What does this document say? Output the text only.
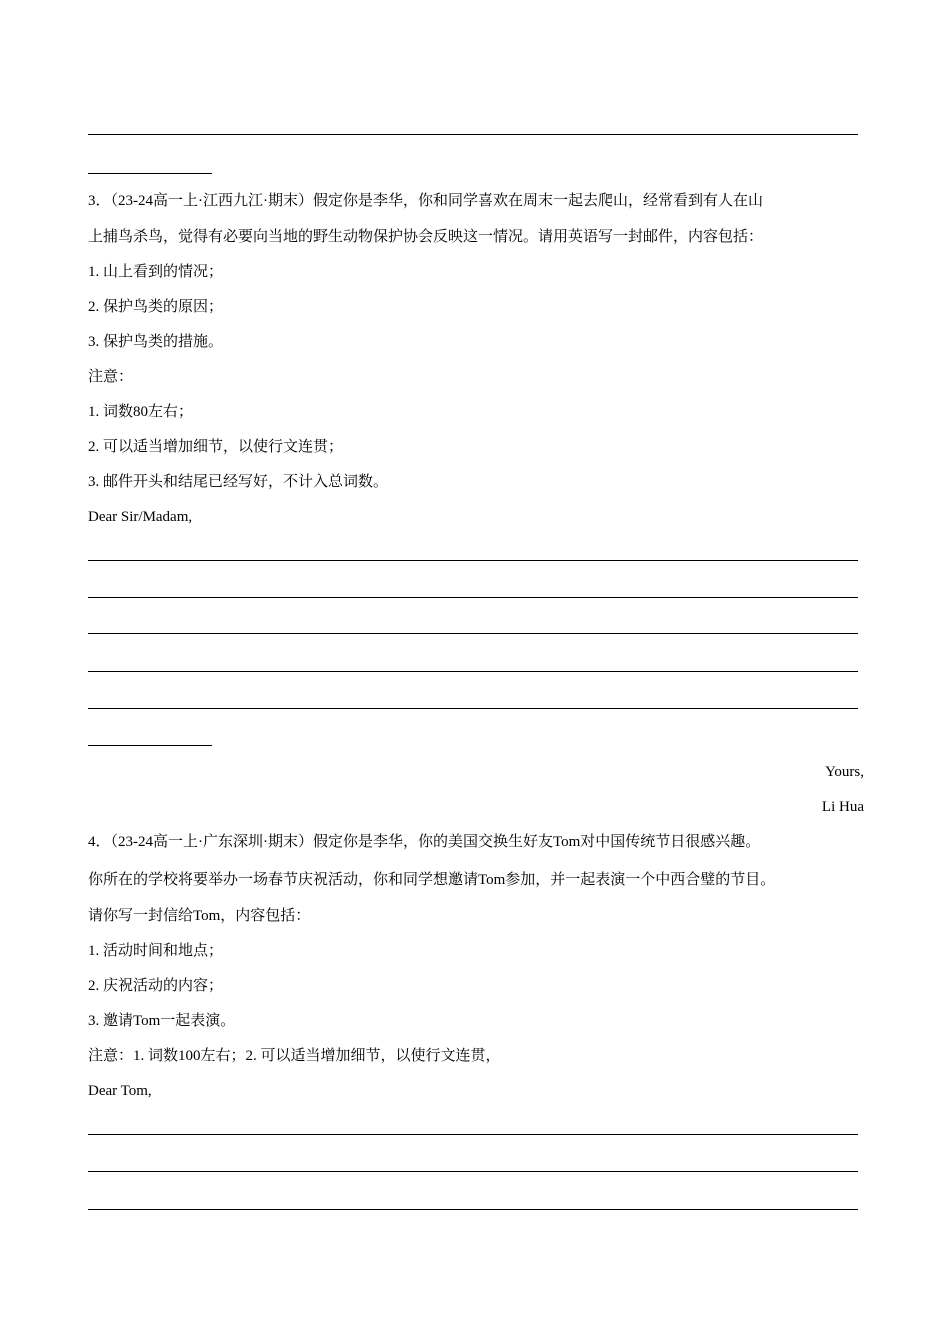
3．（23-24高一上·江西九江·期末）假定你是李华，你和同学喜欢在周末一起去爬山，经常看到有人在山
上捕鸟杀鸟，觉得有必要向当地的野生动物保护协会反映这一情况。请用英语写一封邮件，内容包括：
1. 山上看到的情况；
2. 保护鸟类的原因；
3. 保护鸟类的措施。
注意：
1. 词数80左右；
2. 可以适当增加细节，以使行文连贯；
3. 邮件开头和结尾已经写好，不计入总词数。
Dear Sir/Madam,
Yours,
Li Hua
4．（23-24高一上·广东深圳·期末）假定你是李华，你的美国交换生好友Tom对中国传统节日很感兴趣。
你所在的学校将要举办一场春节庆祝活动，你和同学想邀请Tom参加，并一起表演一个中西合璧的节目。
请你写一封信给Tom，内容包括：
1. 活动时间和地点；
2. 庆祝活动的内容；
3. 邀请Tom一起表演。
注意：1. 词数100左右；2. 可以适当增加细节，以使行文连贯，
Dear Tom,
